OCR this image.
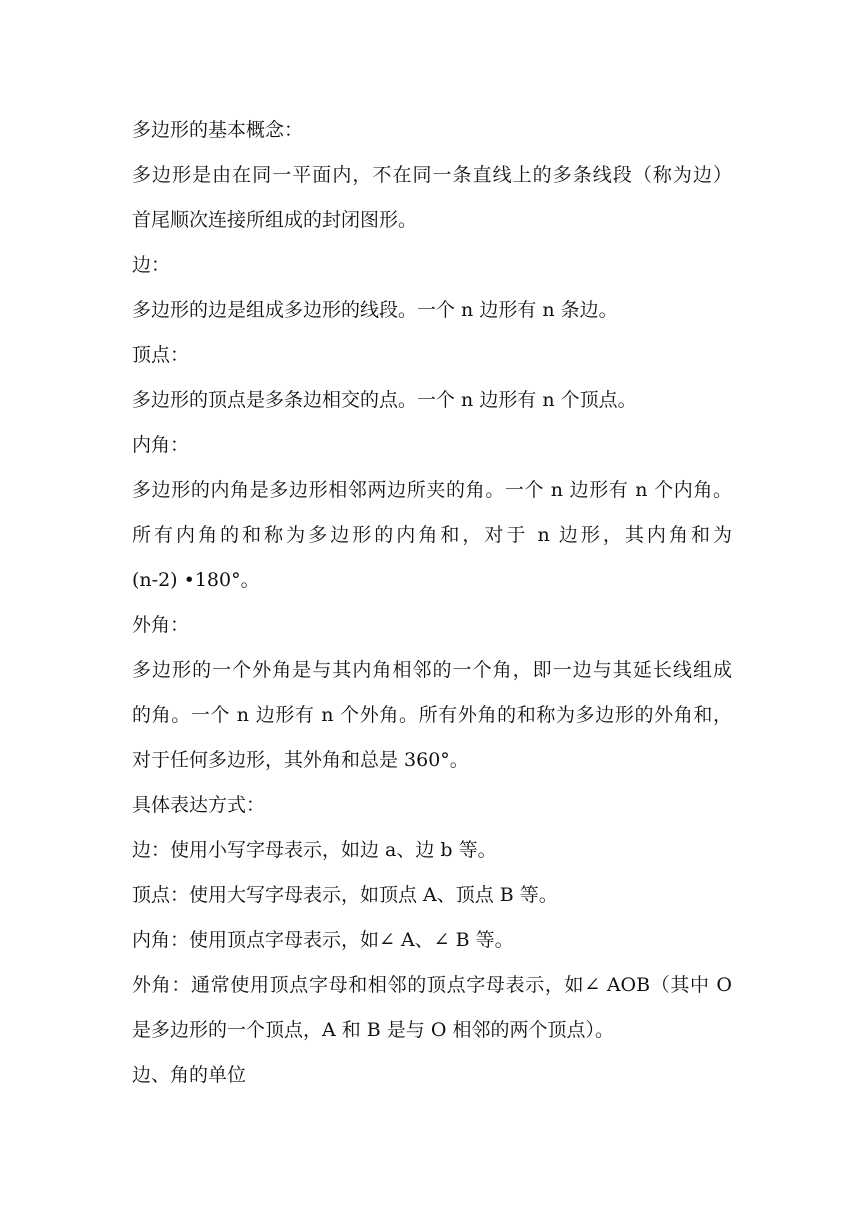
多边形的基本概念：

多边形是由在同一平面内，不在同一条直线上的多条线段（称为边）

首尾顺次连接所组成的封闭图形。

边：

多边形的边是组成多边形的线段。一个 n 边形有 n 条边。

顶点：

多边形的顶点是多条边相交的点。一个 n 边形有 n 个顶点。

内角：

多边形的内角是多边形相邻两边所夹的角。一个 n 边形有 n 个内角。

所有内角的和称为多边形的内角和，对于 n 边形，其内角和为

(n-2) •180°。

外角：

多边形的一个外角是与其内角相邻的一个角，即一边与其延长线组成

的角。一个 n 边形有 n 个外角。所有外角的和称为多边形的外角和，

对于任何多边形，其外角和总是 360°。

具体表达方式：

边：使用小写字母表示，如边 a、边 b 等。

顶点：使用大写字母表示，如顶点 A、顶点 B 等。

内角：使用顶点字母表示，如∠ A、∠ B 等。

外角：通常使用顶点字母和相邻的顶点字母表示，如∠ AOB（其中 O

是多边形的一个顶点，A 和 B 是与 O 相邻的两个顶点）。

边、角的单位
